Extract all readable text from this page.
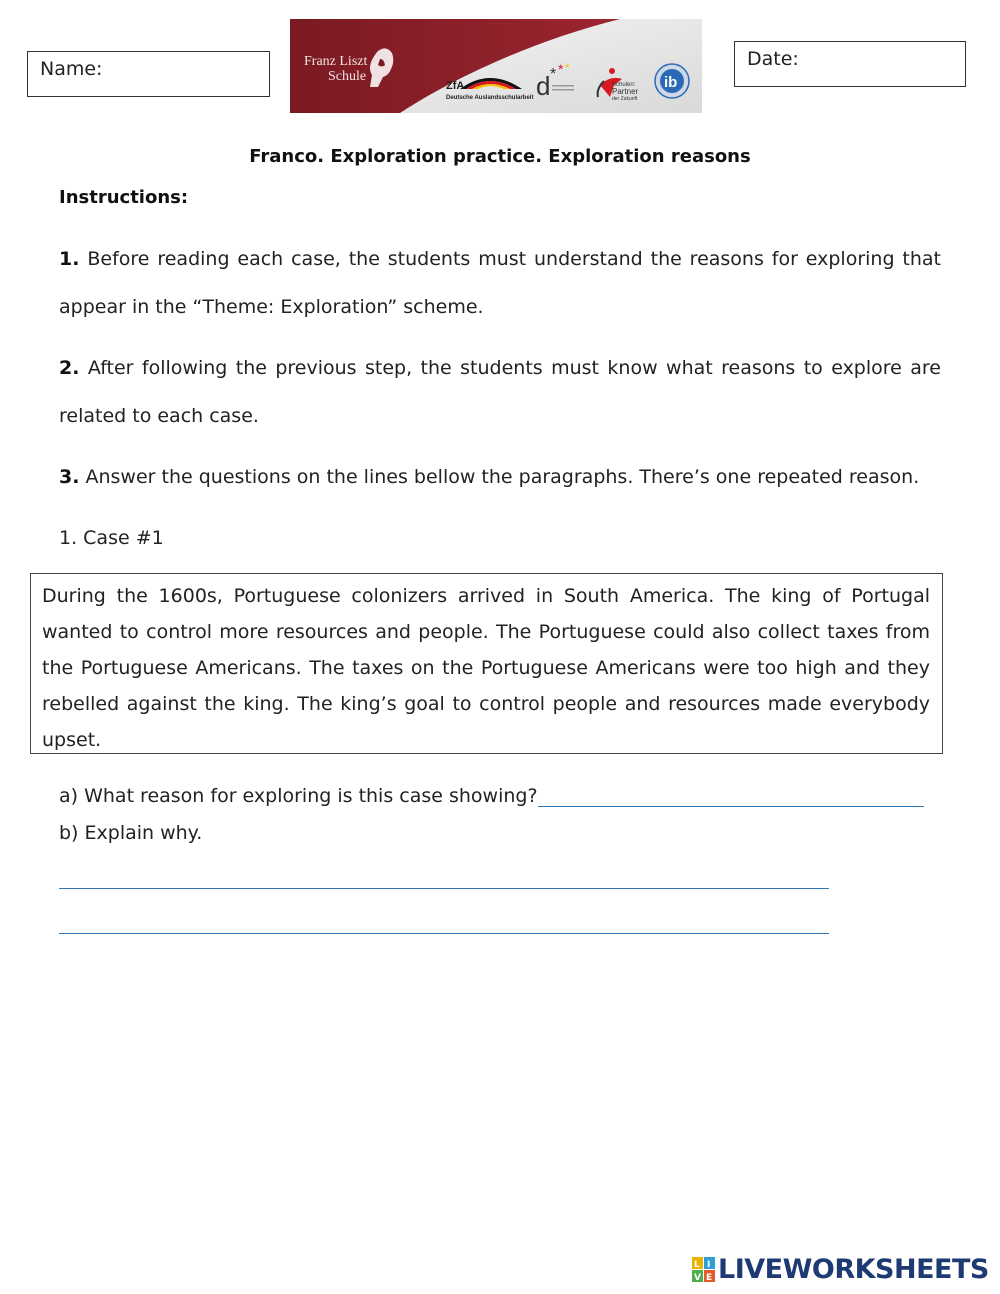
Name:	Date:
Franz Liszt
Schule
ZfA
Deutsche Auslandsschularbeit d * * *
Schulen:
Partner
der Zukunft
ib
Franco. Exploration practice. Exploration reasons
Instructions:
1. Before reading each case, the students must understand the reasons for exploring that appear in the “Theme: Exploration” scheme.
2. After following the previous step, the students must know what reasons to explore are related to each case.
3. Answer the questions on the lines bellow the paragraphs. There’s one repeated reason.
1. Case #1
During the 1600s, Portuguese colonizers arrived in South America. The king of Portugal wanted to control more resources and people. The Portuguese could also collect taxes from the Portuguese Americans. The taxes on the Portuguese Americans were too high and they rebelled against the king. The king’s goal to control people and resources made everybody upset.
a) What reason for exploring is this case showing?
b) Explain why.
L I
V E LIVEWORKSHEETS
